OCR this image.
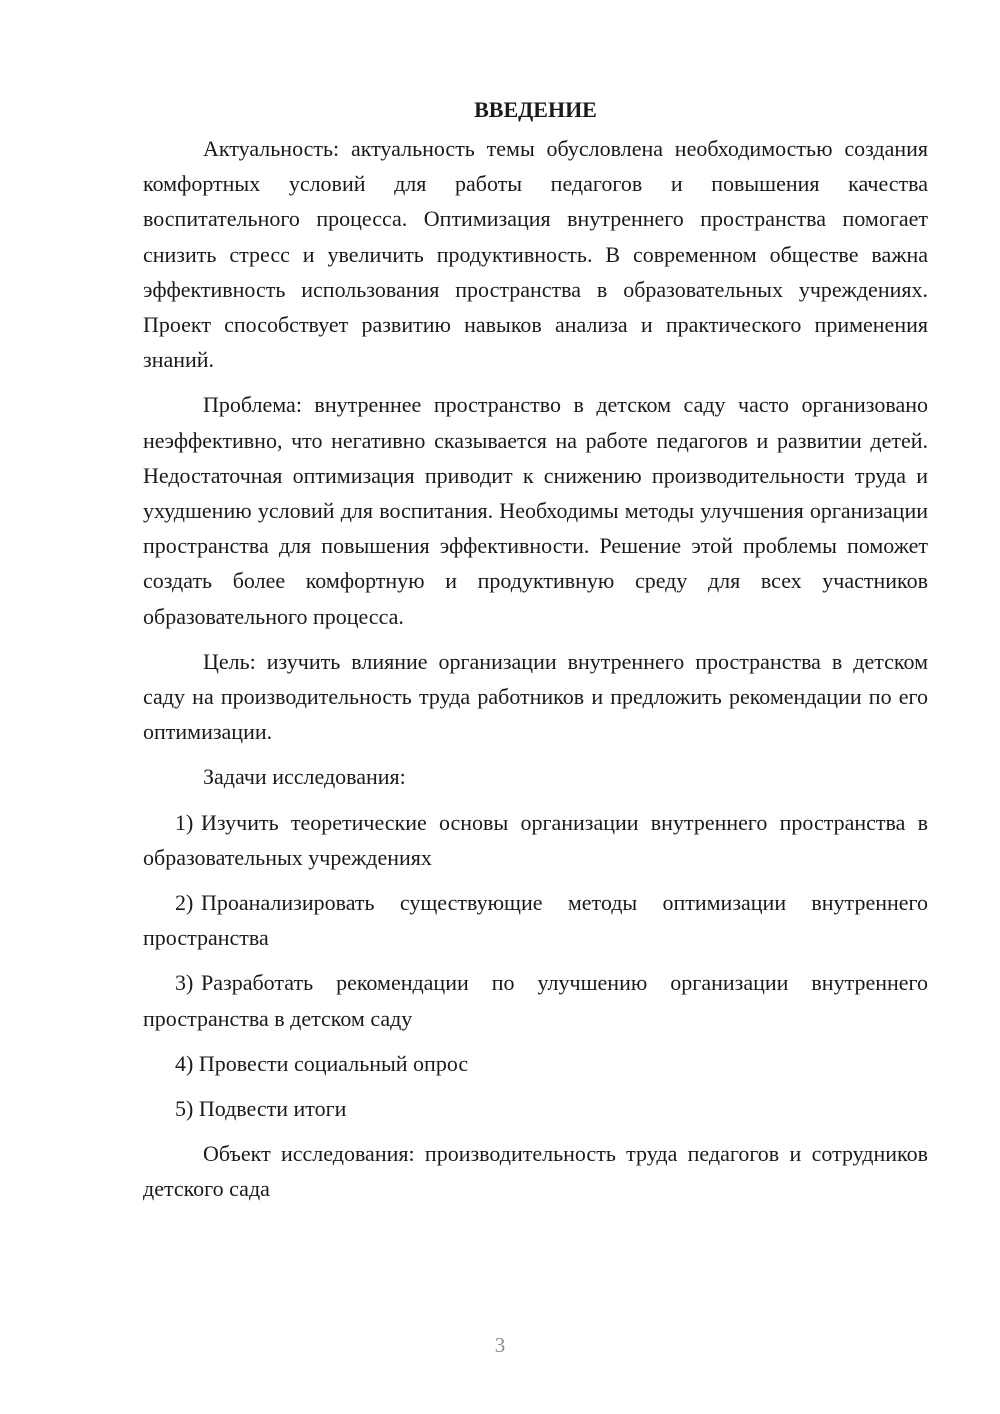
ВВЕДЕНИЕ

Актуальность: актуальность темы обусловлена необходимостью создания комфортных условий для работы педагогов и повышения качества воспитательного процесса. Оптимизация внутреннего пространства помогает снизить стресс и увеличить продуктивность. В современном обществе важна эффективность использования пространства в образовательных учреждениях. Проект способствует развитию навыков анализа и практического применения знаний.

Проблема: внутреннее пространство в детском саду часто организовано неэффективно, что негативно сказывается на работе педагогов и развитии детей. Недостаточная оптимизация приводит к снижению производительности труда и ухудшению условий для воспитания. Необходимы методы улучшения организации пространства для повышения эффективности. Решение этой проблемы поможет создать более комфортную и продуктивную среду для всех участников образовательного процесса.

Цель: изучить влияние организации внутреннего пространства в детском саду на производительность труда работников и предложить рекомендации по его оптимизации.

Задачи исследования:

1) Изучить теоретические основы организации внутреннего пространства в образовательных учреждениях

2) Проанализировать существующие методы оптимизации внутреннего пространства

3) Разработать рекомендации по улучшению организации внутреннего пространства в детском саду

4) Провести социальный опрос

5) Подвести итоги

Объект исследования: производительность труда педагогов и сотрудников детского сада

3
